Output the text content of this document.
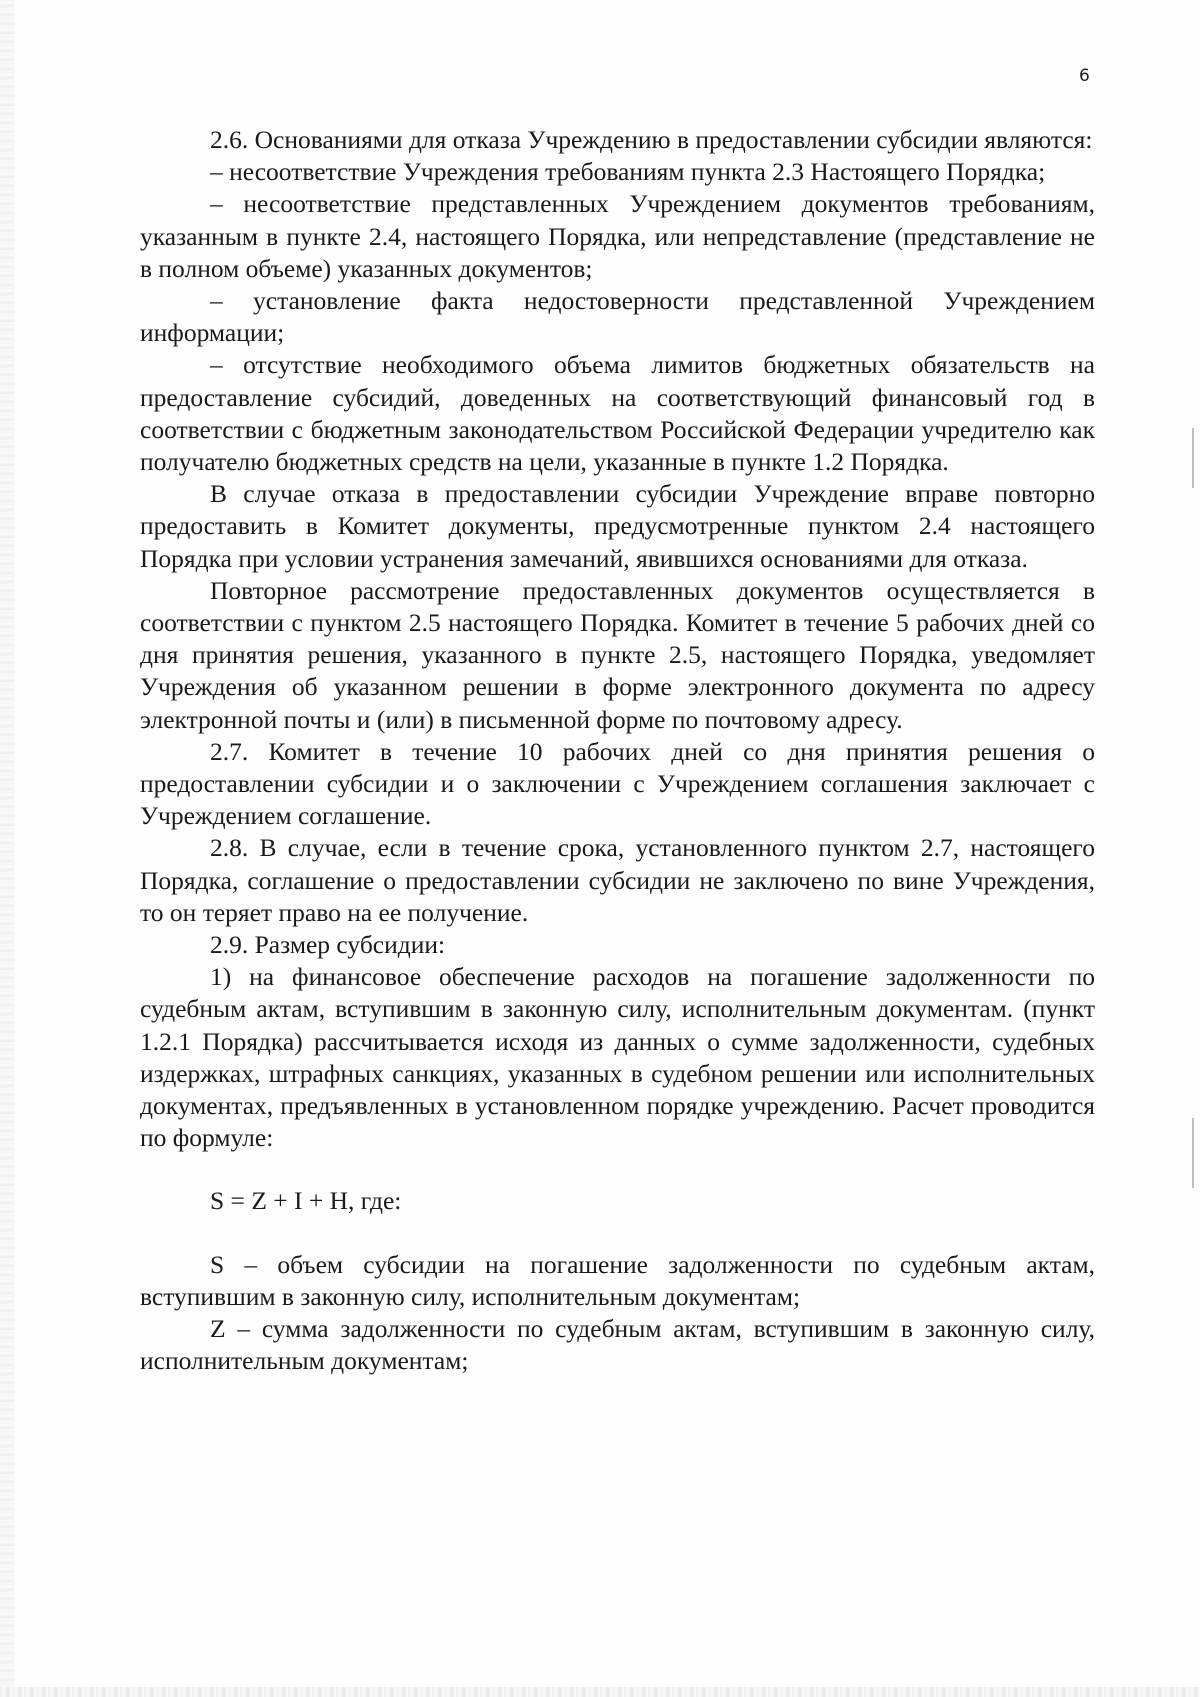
6

2.6. Основаниями для отказа Учреждению в предоставлении субсидии являются:

– несоответствие Учреждения требованиям пункта 2.3 Настоящего Порядка;

– несоответствие представленных Учреждением документов требованиям, указанным в пункте 2.4, настоящего Порядка, или непредставление (представление не в полном объеме) указанных документов;

– установление факта недостоверности представленной Учреждением информации;

– отсутствие необходимого объема лимитов бюджетных обязательств на предоставление субсидий, доведенных на соответствующий финансовый год в соответствии с бюджетным законодательством Российской Федерации учредителю как получателю бюджетных средств на цели, указанные в пункте 1.2 Порядка.

В случае отказа в предоставлении субсидии Учреждение вправе повторно предоставить в Комитет документы, предусмотренные пунктом 2.4 настоящего Порядка при условии устранения замечаний, явившихся основаниями для отказа.

Повторное рассмотрение предоставленных документов осуществляется в соответствии с пунктом 2.5 настоящего Порядка. Комитет в течение 5 рабочих дней со дня принятия решения, указанного в пункте 2.5, настоящего Порядка, уведомляет Учреждения об указанном решении в форме электронного документа по адресу электронной почты и (или) в письменной форме по почтовому адресу.

2.7. Комитет в течение 10 рабочих дней со дня принятия решения о предоставлении субсидии и о заключении с Учреждением соглашения заключает с Учреждением соглашение.

2.8. В случае, если в течение срока, установленного пунктом 2.7, настоящего Порядка, соглашение о предоставлении субсидии не заключено по вине Учреждения, то он теряет право на ее получение.

2.9. Размер субсидии:

1) на финансовое обеспечение расходов на погашение задолженности по судебным актам, вступившим в законную силу, исполнительным документам. (пункт 1.2.1 Порядка) рассчитывается исходя из данных о сумме задолженности, судебных издержках, штрафных санкциях, указанных в судебном решении или исполнительных документах, предъявленных в установленном порядке учреждению. Расчет проводится по формуле:

S = Z + I + H, где:

S – объем субсидии на погашение задолженности по судебным актам, вступившим в законную силу, исполнительным документам;

Z – сумма задолженности по судебным актам, вступившим в законную силу, исполнительным документам;
